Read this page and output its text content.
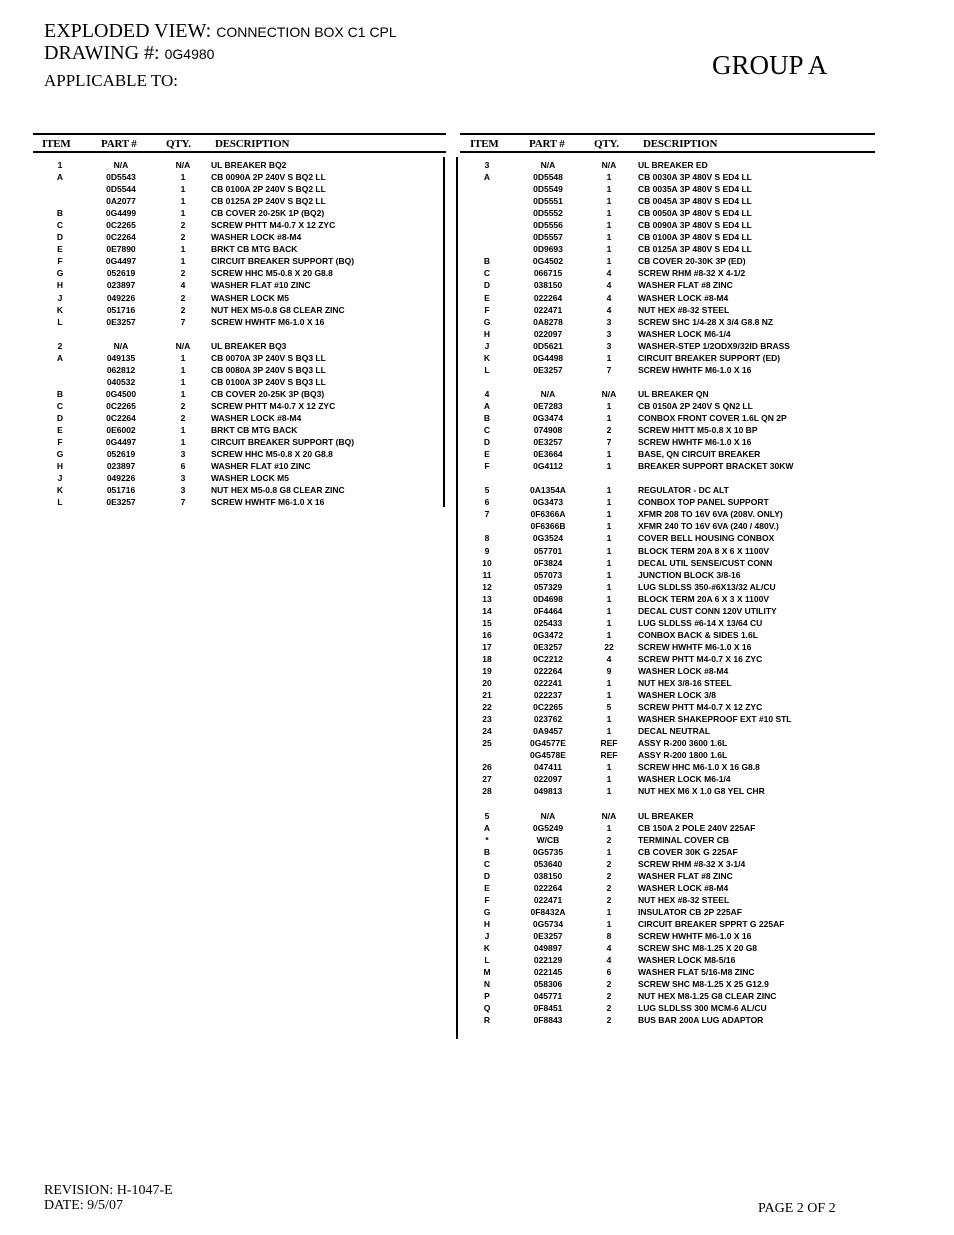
EXPLODED VIEW: CONNECTION BOX C1 CPL
DRAWING #: 0G4980
APPLICABLE TO:
GROUP A
ITEM	PART #	QTY. DESCRIPTION	ITEM	PART #	QTY. DESCRIPTION
1	N/A	N/A	UL BREAKER BQ2
A	0D5543	1	CB 0090A 2P 240V S BQ2 LL
0D5544	1	CB 0100A 2P 240V S BQ2 LL
0A2077	1	CB 0125A 2P 240V S BQ2 LL
B	0G4499	1	CB COVER 20-25K 1P (BQ2)
C	0C2265	2	SCREW PHTT M4-0.7 X 12 ZYC
D	0C2264	2	WASHER LOCK #8-M4
E	0E7890	1	BRKT CB MTG BACK
F	0G4497	1	CIRCUIT BREAKER SUPPORT (BQ)
G	052619	2	SCREW HHC M5-0.8 X 20 G8.8
H	023897	4	WASHER FLAT #10 ZINC
J	049226	2	WASHER LOCK M5
K	051716	2	NUT HEX M5-0.8 G8 CLEAR ZINC
L	0E3257	7	SCREW HWHTF M6-1.0 X 16
2	N/A	N/A	UL BREAKER BQ3
A	049135	1	CB 0070A 3P 240V S BQ3 LL
062812	1	CB 0080A 3P 240V S BQ3 LL
040532	1	CB 0100A 3P 240V S BQ3 LL
B	0G4500	1	CB COVER 20-25K 3P (BQ3)
C	0C2265	2	SCREW PHTT M4-0.7 X 12 ZYC
D	0C2264	2	WASHER LOCK #8-M4
E	0E6002	1	BRKT CB MTG BACK
F	0G4497	1	CIRCUIT BREAKER SUPPORT (BQ)
G	052619	3	SCREW HHC M5-0.8 X 20 G8.8
H	023897	6	WASHER FLAT #10 ZINC
J	049226	3	WASHER LOCK M5
K	051716	3	NUT HEX M5-0.8 G8 CLEAR ZINC
L	0E3257	7	SCREW HWHTF M6-1.0 X 16
3	N/A	N/A	UL BREAKER ED
A	0D5548	1	CB 0030A 3P 480V S ED4 LL
0D5549	1	CB 0035A 3P 480V S ED4 LL
0D5551	1	CB 0045A 3P 480V S ED4 LL
0D5552	1	CB 0050A 3P 480V S ED4 LL
0D5556	1	CB 0090A 3P 480V S ED4 LL
0D5557	1	CB 0100A 3P 480V S ED4 LL
0D9693	1	CB 0125A 3P 480V S ED4 LL
B	0G4502	1	CB COVER 20-30K 3P (ED)
C	066715	4	SCREW RHM #8-32 X 4-1/2
D	038150	4	WASHER FLAT #8 ZINC
E	022264	4	WASHER LOCK #8-M4
F	022471	4	NUT HEX #8-32 STEEL
G	0A8278	3	SCREW SHC 1/4-28 X 3/4 G8.8 NZ
H	022097	3	WASHER LOCK M6-1/4
J	0D5621	3	WASHER-STEP 1/2ODX9/32ID BRASS
K	0G4498	1	CIRCUIT BREAKER SUPPORT (ED)
L	0E3257	7	SCREW HWHTF M6-1.0 X 16
4	N/A	N/A	UL BREAKER QN
A	0E7283	1	CB 0150A 2P 240V S QN2 LL
B	0G3474	1	CONBOX FRONT COVER 1.6L QN 2P
C	074908	2	SCREW HHTT M5-0.8 X 10 BP
D	0E3257	7	SCREW HWHTF M6-1.0 X 16
E	0E3664	1	BASE, QN CIRCUIT BREAKER
F	0G4112	1	BREAKER SUPPORT BRACKET 30KW
5	0A1354A	1	REGULATOR - DC ALT
6	0G3473	1	CONBOX TOP PANEL SUPPORT
7	0F6366A	1	XFMR 208 TO 16V 6VA (208V. ONLY)
0F6366B	1	XFMR 240 TO 16V 6VA (240 / 480V.)
8	0G3524	1	COVER BELL HOUSING CONBOX
9	057701	1	BLOCK TERM 20A 8 X 6 X 1100V
10	0F3824	1	DECAL UTIL SENSE/CUST CONN
11	057073	1	JUNCTION BLOCK 3/8-16
12	057329	1	LUG SLDLSS 350-#6X13/32 AL/CU
13	0D4698	1	BLOCK TERM 20A 6 X 3 X 1100V
14	0F4464	1	DECAL CUST CONN 120V UTILITY
15	025433	1	LUG SLDLSS #6-14 X 13/64 CU
16	0G3472	1	CONBOX BACK & SIDES 1.6L
17	0E3257	22	SCREW HWHTF M6-1.0 X 16
18	0C2212	4	SCREW PHTT M4-0.7 X 16 ZYC
19	022264	9	WASHER LOCK #8-M4
20	022241	1	NUT HEX 3/8-16 STEEL
21	022237	1	WASHER LOCK 3/8
22	0C2265	5	SCREW PHTT M4-0.7 X 12 ZYC
23	023762	1	WASHER SHAKEPROOF EXT #10 STL
24	0A9457	1	DECAL NEUTRAL
25	0G4577E	REF	ASSY R-200 3600 1.6L
0G4578E	REF	ASSY R-200 1800 1.6L
26	047411	1	SCREW HHC M6-1.0 X 16 G8.8
27	022097	1	WASHER LOCK M6-1/4
28	049813	1	NUT HEX M6 X 1.0 G8 YEL CHR
5	N/A	N/A	UL BREAKER
A	0G5249	1	CB 150A 2 POLE 240V 225AF
*	W/CB	2	TERMINAL COVER CB
B	0G5735	1	CB COVER 30K G 225AF
C	053640	2	SCREW RHM #8-32 X 3-1/4
D	038150	2	WASHER FLAT #8 ZINC
E	022264	2	WASHER LOCK #8-M4
F	022471	2	NUT HEX #8-32 STEEL
G	0F8432A	1	INSULATOR CB 2P 225AF
H	0G5734	1	CIRCUIT BREAKER SPPRT G 225AF
J	0E3257	8	SCREW HWHTF M6-1.0 X 16
K	049897	4	SCREW SHC M8-1.25 X 20 G8
L	022129	4	WASHER LOCK M8-5/16
M	022145	6	WASHER FLAT 5/16-M8 ZINC
N	058306	2	SCREW SHC M8-1.25 X 25 G12.9
P	045771	2	NUT HEX M8-1.25 G8 CLEAR ZINC
Q	0F8451	2	LUG SLDLSS 300 MCM-6 AL/CU
R	0F8843	2	BUS BAR 200A LUG ADAPTOR
REVISION: H-1047-E
DATE: 9/5/07	PAGE 2 OF 2
